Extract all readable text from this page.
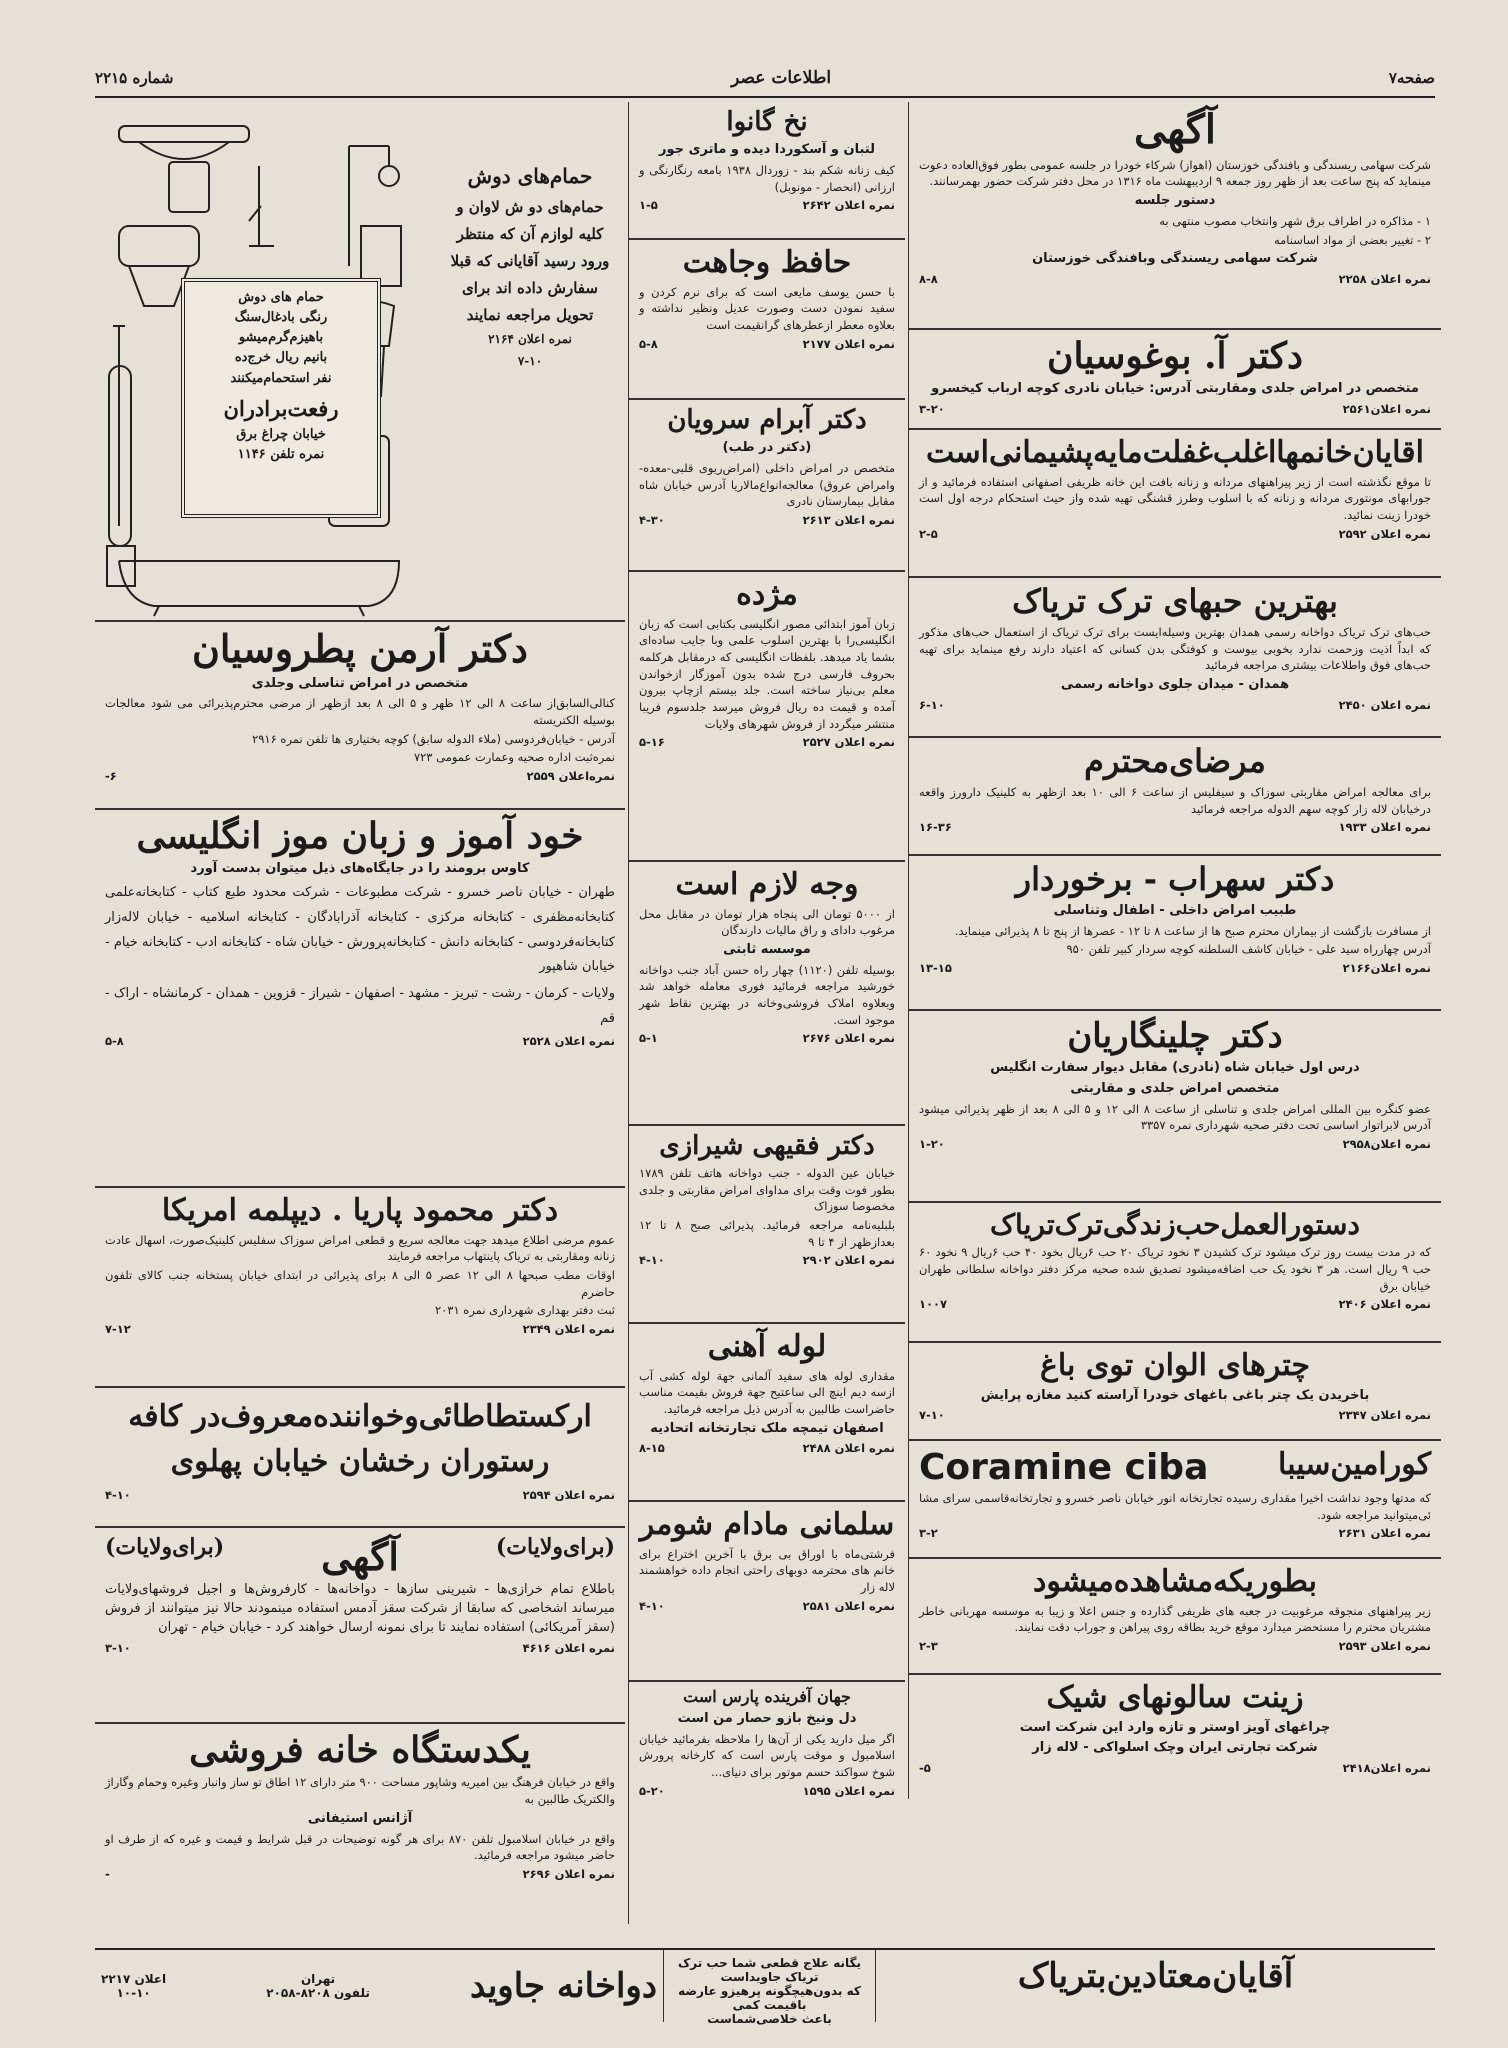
صفحه۷
اطلاعات عصر
شماره ۲۲۱۵
آگهی

شرکت سهامی ریسندگی و بافندگی خوزستان (اهواز) شرکاء خودرا در جلسه عمومی بطور فوق‌العاده دعوت مینماید که پنج ساعت بعد از ظهر روز جمعه ۹ اردیبهشت ماه ۱۳۱۶ در محل دفتر شرکت حضور بهمرسانند.

دستور جلسه

۱ - مذاکره در اطراف برق شهر وانتخاب مصوب منتهی به

۲ - تغییر بعضی از مواد اساسنامه

شرکت سهامی ریسندگی وبافندگی خوزستان

نمره اعلان ۲۲۵۸
۸-۸
دکتر آ. بوغوسیان

متخصص در امراض جلدی ومقاربتی آدرس: خیابان نادری کوچه ارباب کیخسرو

نمره اعلان۲۵۶۱
۳-۲۰
اقایان‌خانمهااغلب‌غفلت‌مایه‌پشیمانی‌است

تا موقع نگذشته است از زیر پیراهنهای مردانه و زنانه بافت این خانه ظریفی اصفهانی استفاده فرمائید و از جورابهای مونتوری مردانه و زنانه که با اسلوب وطرز قشنگی تهیه شده واز حیث استحکام درجه اول است خودرا زینت نمائید.

نمره اعلان ۲۵۹۲
۲-۵
بهترین حبهای ترک تریاک

حب‌های ترک تریاک دواخانه رسمی همدان بهترین وسیله‌ایست برای ترک تریاک از استعمال حب‌های مذکور که ابداً اذیت وزحمت ندارد بخوبی بیوست و کوفتگی بدن کسانی که اعتیاد دارند رفع مینماید برای تهیه حب‌های فوق واطلاعات بیشتری مراجعه فرمائید

همدان - میدان جلوی دواخانه رسمی

نمره اعلان ۲۴۵۰
۶-۱۰
مرضای‌محترم

برای معالجه امراض مقاربتی سوزاک و سیفلیس از ساعت ۶ الی ۱۰ بعد ازظهر به کلینیک دارورز واقعه درخیابان لاله زار کوچه سهم الدوله مراجعه فرمائید

نمره اعلان ۱۹۳۳
۱۶-۳۶
دکتر سهراب - برخوردار

طبیب امراض داخلی - اطفال وتناسلی

از مسافرت بازگشت از بیماران محترم صبح ها از ساعت ۸ تا ۱۲ - عصرها از پنج تا ۸ پذیرائی مینماید.

آدرس چهارراه سید علی - خیابان کاشف السلطنه کوچه سردار کبیر تلفن ۹۵۰

نمره اعلان۲۱۶۶
۱۳-۱۵
دکتر چلینگاریان

درس اول خیابان شاه (نادری) مقابل دیوار سفارت انگلیس

متخصص امراض جلدی و مقاربتی

عضو کنگره بین المللی امراض جلدی و تناسلی از ساعت ۸ الی ۱۲ و ۵ الی ۸ بعد از ظهر پذیرائی میشود آدرس لابراتوار اساسی تحت دفتر صحیه شهرداری نمره ۳۳۵۷

نمره اعلان۲۹۵۸
۱-۲۰
دستورالعمل‌حب‌زندگی‌ترک‌تریاک

که در مدت بیست روز ترک میشود ترک کشیدن ۳ نخود تریاک ۲۰ حب ۶ریال بخود ۴۰ حب ۶ریال ۹ نخود ۶۰ حب ۹ ریال است. هر ۳ نخود یک حب اضافه‌میشود تصدیق شده صحیه مرکز دفتر دواخانه سلطانی طهران خیابان برق

نمره اعلان ۲۴۰۶
۱۰۰۷
چترهای الوان توی باغ

باخریدن یک چتر باغی باغهای خودرا آراسته کنید مغازه پرایش

نمره اعلان ۲۳۴۷
۷-۱۰
کورامین‌سیبا
Coramine ciba

که مدتها وجود نداشت اخیرا مقداری رسیده تجارتخانه انور خیابان ناصر خسرو و تجارتخانه‌قاسمی سرای مشا ئی‌میتوانید مراجعه شود.

نمره اعلان ۲۶۳۱
۳-۲
بطوریکه‌مشاهده‌میشود

زیر پیراهنهای منجوقه مرغوبیت در جعبه های ظریفی گذارده و جنس اعلا و زیبا به موسسه مهربانی خاطر مشتریان محترم را مستحضر میدارد موقع خرید بطاقه روی پیراهن و جوراب دقت نمایند.

نمره اعلان ۲۵۹۳
۲-۳
زینت سالونهای شیک

چراغهای آویز اوستر و تازه وارد این شرکت است

شرکت تجارتی ایران وچک اسلواکی - لاله زار

نمره اعلان۲۴۱۸
۵-
نخ گانوا

لتبان و آسکوردا دیده و ماتری جور

کیف زنانه شکم بند - زوردال ۱۹۳۸ بامعه رنگارنگی و ارزانی (انحصار - مونوبل)

نمره اعلان ۲۶۴۲
۱-۵
حافظ وجاهت

با حسن یوسف مایعی است که برای نرم کردن و سفید نمودن دست وصورت عدیل ونظیر نداشته و بعلاوه معطر ازعطرهای گرانقیمت است

نمره اعلان ۲۱۷۷
۵-۸
دکتر آبرام سرویان

(دکتر در طب)

متخصص در امراض داخلی (امراض‌ریوی قلبی-معده-وامراض عروق) معالجه‌انواع‌مالاریا آدرس خیابان شاه مقابل بیمارستان نادری

نمره اعلان ۲۶۱۳
۴-۳۰
مژده

زبان آموز ابتدائی مصور انگلیسی بکتابی است که زبان انگلیسی‌را با بهترین اسلوب علمی وبا جایب ساده‌ای بشما یاد میدهد. بلفظات انگلیسی که درمقابل هرکلمه بحروف فارسی درج شده بدون آموزگار ازخواندن معلم بی‌نیاز ساخته است. جلد بیستم ازچاپ بیرون آمده و قیمت ده ریال فروش میرسد جلدسوم فریبا منتشر میگردد از فروش شهرهای ولایات

نمره اعلان ۲۵۲۷
۵-۱۶
وجه لازم است

از ۵۰۰۰ تومان الی پنجاه هزار تومان در مقابل محل مرغوب دادای و راق مالیات دارندگان

موسسه ثابتی

بوسیله تلفن (۱۱۲۰) چهار راه حسن آباد جنب دواخانه خورشید مراجعه فرمائید فوری معامله خواهد شد وبعلاوه املاک فروشی‌وخانه در بهترین نقاط شهر موجود است.

نمره اعلان ۲۶۷۶
۵-۱
دکتر فقیهی شیرازی

خیابان عین الدوله - جنب دواخانه هاتف تلفن ۱۷۸۹ بطور فوت وقت برای مداوای امراض مقاربتی و جلدی مخصوصا سوزاک

بلبلیه‌نامه مراجعه فرمائید. پذیرائی صبح ۸ تا ۱۲ بعدازظهر از ۴ تا ۹

نمره اعلان ۲۹۰۲
۴-۱۰
لوله آهنی

مقداری لوله های سفید آلمانی جهة لوله کشی آب ازسه دیم اینچ الی ساعتیح جهة فروش بقیمت مناسب حاضراست طالبین به آدرس ذیل مراجعه فرمائید.

اصفهان تیمچه ملک تجارتخانه اتحادیه

نمره اعلان ۲۴۸۸
۸-۱۵
سلمانی مادام شومر

فرشتی‌ماه با اوراق بی برق با آخرین اختراع برای خانم های محترمه دوبهای راحتی انجام داده خواهشمند لاله زار

نمره اعلان ۲۵۸۱
۴-۱۰
جهان آفرینده پارس است

دل ونیخ بازو حصار من است

اگر میل دارید یکی از آن‌ها را ملاحظه بفرمائید خیابان اسلامبول و موقت پارس است که کارخانه پرورش شوخ سواکند حسم موتور برای دنیای...

نمره اعلان ۱۵۹۵
۵-۲۰
حمام های دوش
رنگی بادغال‌سنگ
باهیزم‌گرم‌میشو
بانیم ریال خرج‌ده
نفر استحمام‌میکنند
رفعت‌برادران
خیابان چراغ برق
نمره تلفن ۱۱۴۶
حمام‌های دوش
حمام‌های دو ش لاوان و کلیه لوازم آن که منتظر ورود رسید آقایانی که قبلا سفارش داده اند برای تحویل مراجعه نمایند
نمره اعلان ۲۱۶۴
۷-۱۰
دکتر آرمن پطروسیان

متخصص در امراض تناسلی وجلدی

کنالی‌السابق‌از ساعت ۸ الی ۱۲ ظهر و ۵ الی ۸ بعد ازظهر از مرضی محترم‌پذیرائی می‌ شود معالجات بوسیله الکتریسته

آدرس - خیابان‌فردوسی (ملاء الدوله سابق) کوچه بختیاری ها تلفن نمره ۲۹۱۶

نمره‌ثبت اداره صحیه وعمارت عمومی ۷۲۳

نمره‌اعلان ۲۵۵۹
۶-
خود آموز و زبان موز انگلیسی

کاوس برومند را در جایگاه‌های ذیل میتوان بدست آورد

طهران - خیابان ناصر خسرو - شرکت مطبوعات - شرکت محدود طبع کتاب - کتابخانه‌علمی کتابخانه‌مظفری - کتابخانه مرکزی - کتابخانه آذرابادگان - کتابخانه اسلامیه - خیابان لاله‌زار کتابخانه‌فردوسی - کتابخانه دانش - کتابخانه‌پرورش - خیابان شاه - کتابخانه ادب - کتابخانه خیام - خیابان شاهپور

ولایات - کرمان - رشت - تبریز - مشهد - اصفهان - شیراز - قزوین - همدان - کرمانشاه - اراک - قم

نمره اعلان ۲۵۲۸
۵-۸
دکتر محمود پاریا . دیپلمه امریکا

عموم مرضی اطلاع میدهد جهت معالجه سریع و قطعی امراض سوزاک سفلیس کلینیک‌صورت، اسهال عادت زنانه ومقاربتی به تریاک پاینتهاب مراجعه فرمایند

اوقات مطب صبحها ۸ الی ۱۲ عصر ۵ الی ۸ برای پذیرائی در ابتدای خیابان پستخانه جنب کالای تلفون حاضرم

ثبت دفتر بهداری شهرداری نمره ۲۰۳۱

نمره اعلان ۲۳۴۹
۷-۱۲
ارکستطاطائی‌وخواننده‌معروف‌در کافه رستوران رخشان خیابان پهلوی
نمره اعلان ۲۵۹۴
۴-۱۰
(برای‌ولایات)
آگهی
(برای‌ولایات)

باطلاع تمام خرازی‌ها - شیرینی سازها - دواخانه‌ها - کارفروش‌ها و اجیل فروشهای‌ولایات میرساند اشخاصی که سابقا از شرکت سقز آدمس استفاده مینمودند حالا نیز میتوانند از فروش (سقز آمریکائی) استفاده نمایند تا برای نمونه ارسال خواهند کرد - خیابان خیام - تهران

نمره اعلان ۴۶۱۶
۳-۱۰
یکدستگاه خانه فروشی

واقع در خیابان فرهنگ بین امیریه وشاپور مساحت ۹۰۰ متر دارای ۱۲ اطاق تو ساز وانبار وغیره وحمام وگاراژ والکتریک طالبین به

آژانس استیفانی

واقع در خیابان اسلامبول تلفن ۸۷۰ برای هر گونه توضیحات در قبل شرایط و قیمت و غیره که از طرف او حاضر میشود مراجعه فرمائید.

نمره اعلان ۲۶۹۶
-
آقایان‌معتادین‌بتریاک
یگانه علاج قطعی شما حب ترک تریاک جاویداست
که بدون‌هیچگونه پرهیزو عارضه باقیمت کمی
باعث خلاصی‌شماست
دواخانه جاوید
تهران
تلفون ۸۲۰۸-۲۰۵۸
اعلان ۲۲۱۷
۱۰-۱۰
